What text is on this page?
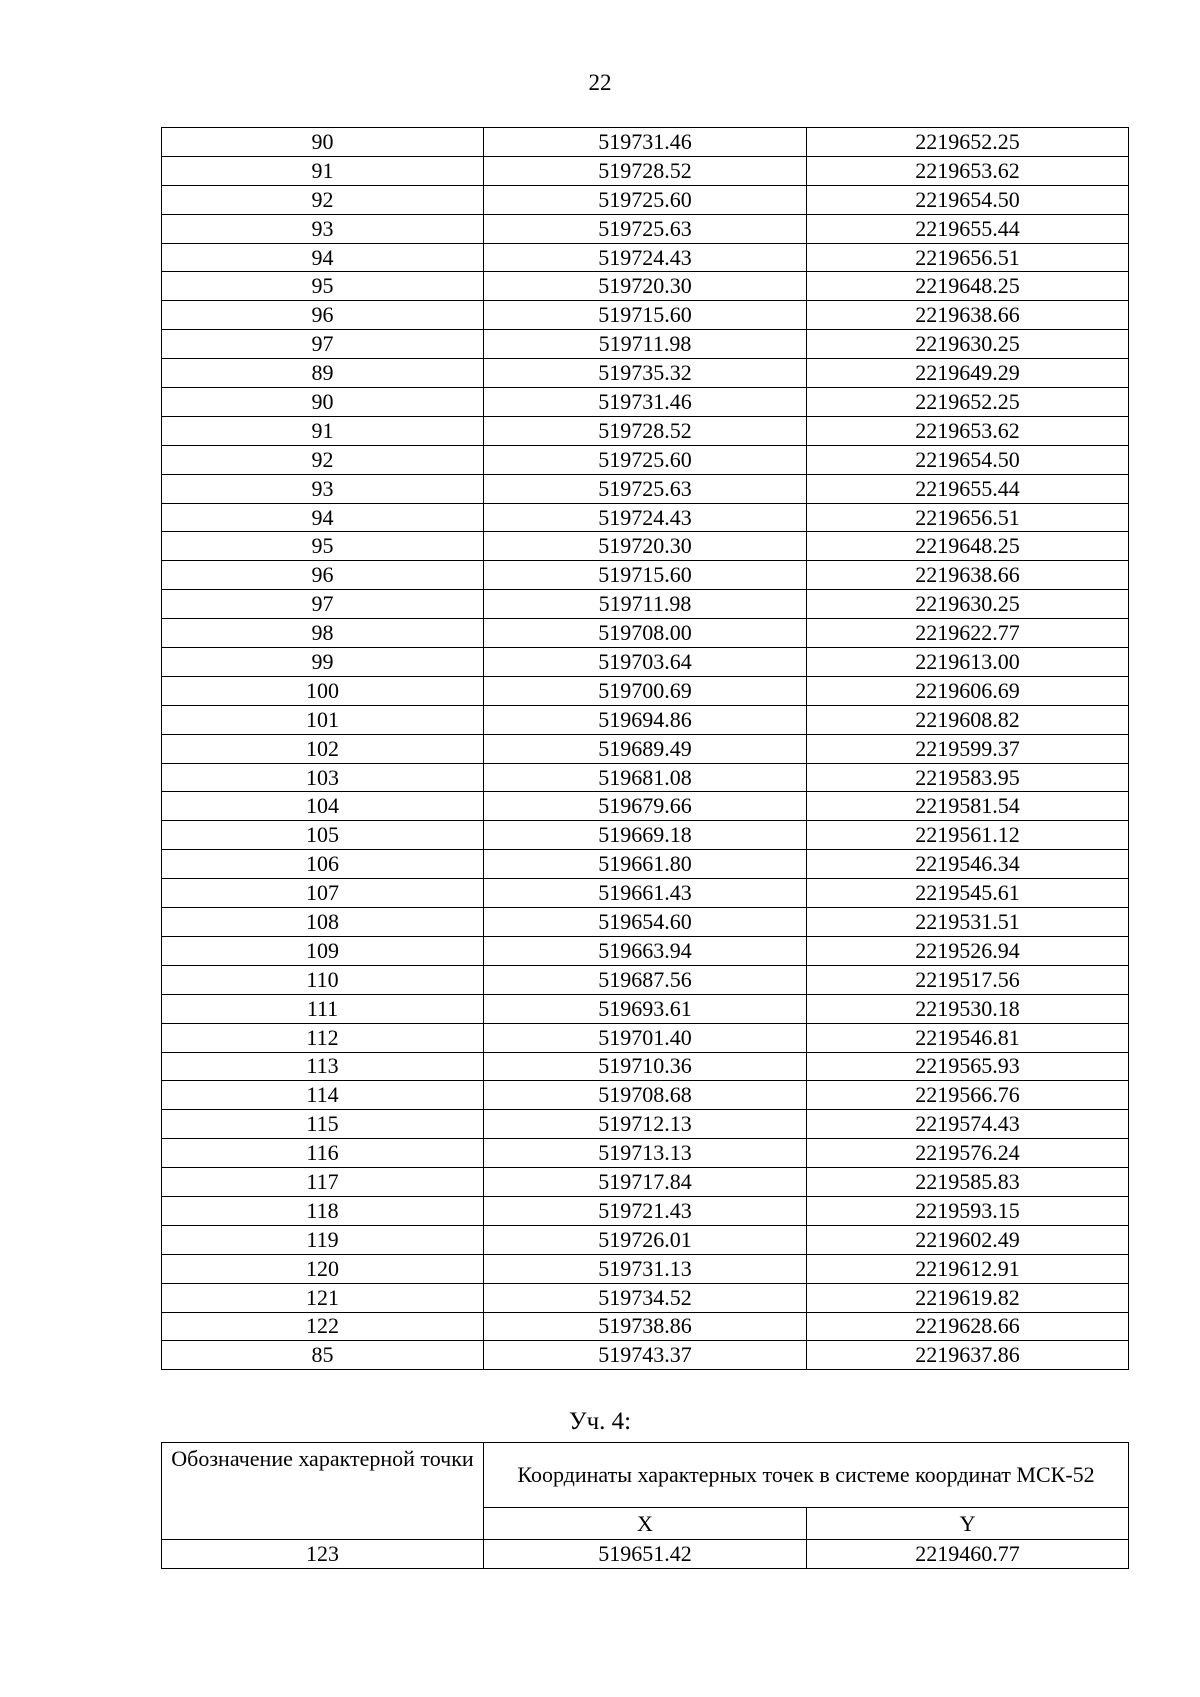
22
90	519731.46	2219652.25
91	519728.52	2219653.62
92	519725.60	2219654.50
93	519725.63	2219655.44
94	519724.43	2219656.51
95	519720.30	2219648.25
96	519715.60	2219638.66
97	519711.98	2219630.25
89	519735.32	2219649.29
90	519731.46	2219652.25
91	519728.52	2219653.62
92	519725.60	2219654.50
93	519725.63	2219655.44
94	519724.43	2219656.51
95	519720.30	2219648.25
96	519715.60	2219638.66
97	519711.98	2219630.25
98	519708.00	2219622.77
99	519703.64	2219613.00
100	519700.69	2219606.69
101	519694.86	2219608.82
102	519689.49	2219599.37
103	519681.08	2219583.95
104	519679.66	2219581.54
105	519669.18	2219561.12
106	519661.80	2219546.34
107	519661.43	2219545.61
108	519654.60	2219531.51
109	519663.94	2219526.94
110	519687.56	2219517.56
111	519693.61	2219530.18
112	519701.40	2219546.81
113	519710.36	2219565.93
114	519708.68	2219566.76
115	519712.13	2219574.43
116	519713.13	2219576.24
117	519717.84	2219585.83
118	519721.43	2219593.15
119	519726.01	2219602.49
120	519731.13	2219612.91
121	519734.52	2219619.82
122	519738.86	2219628.66
85	519743.37	2219637.86
Уч. 4:
Обозначение характерной точки	Координаты характерных точек в системе координат МСК-52	
	X	Y
123	519651.42	2219460.77
